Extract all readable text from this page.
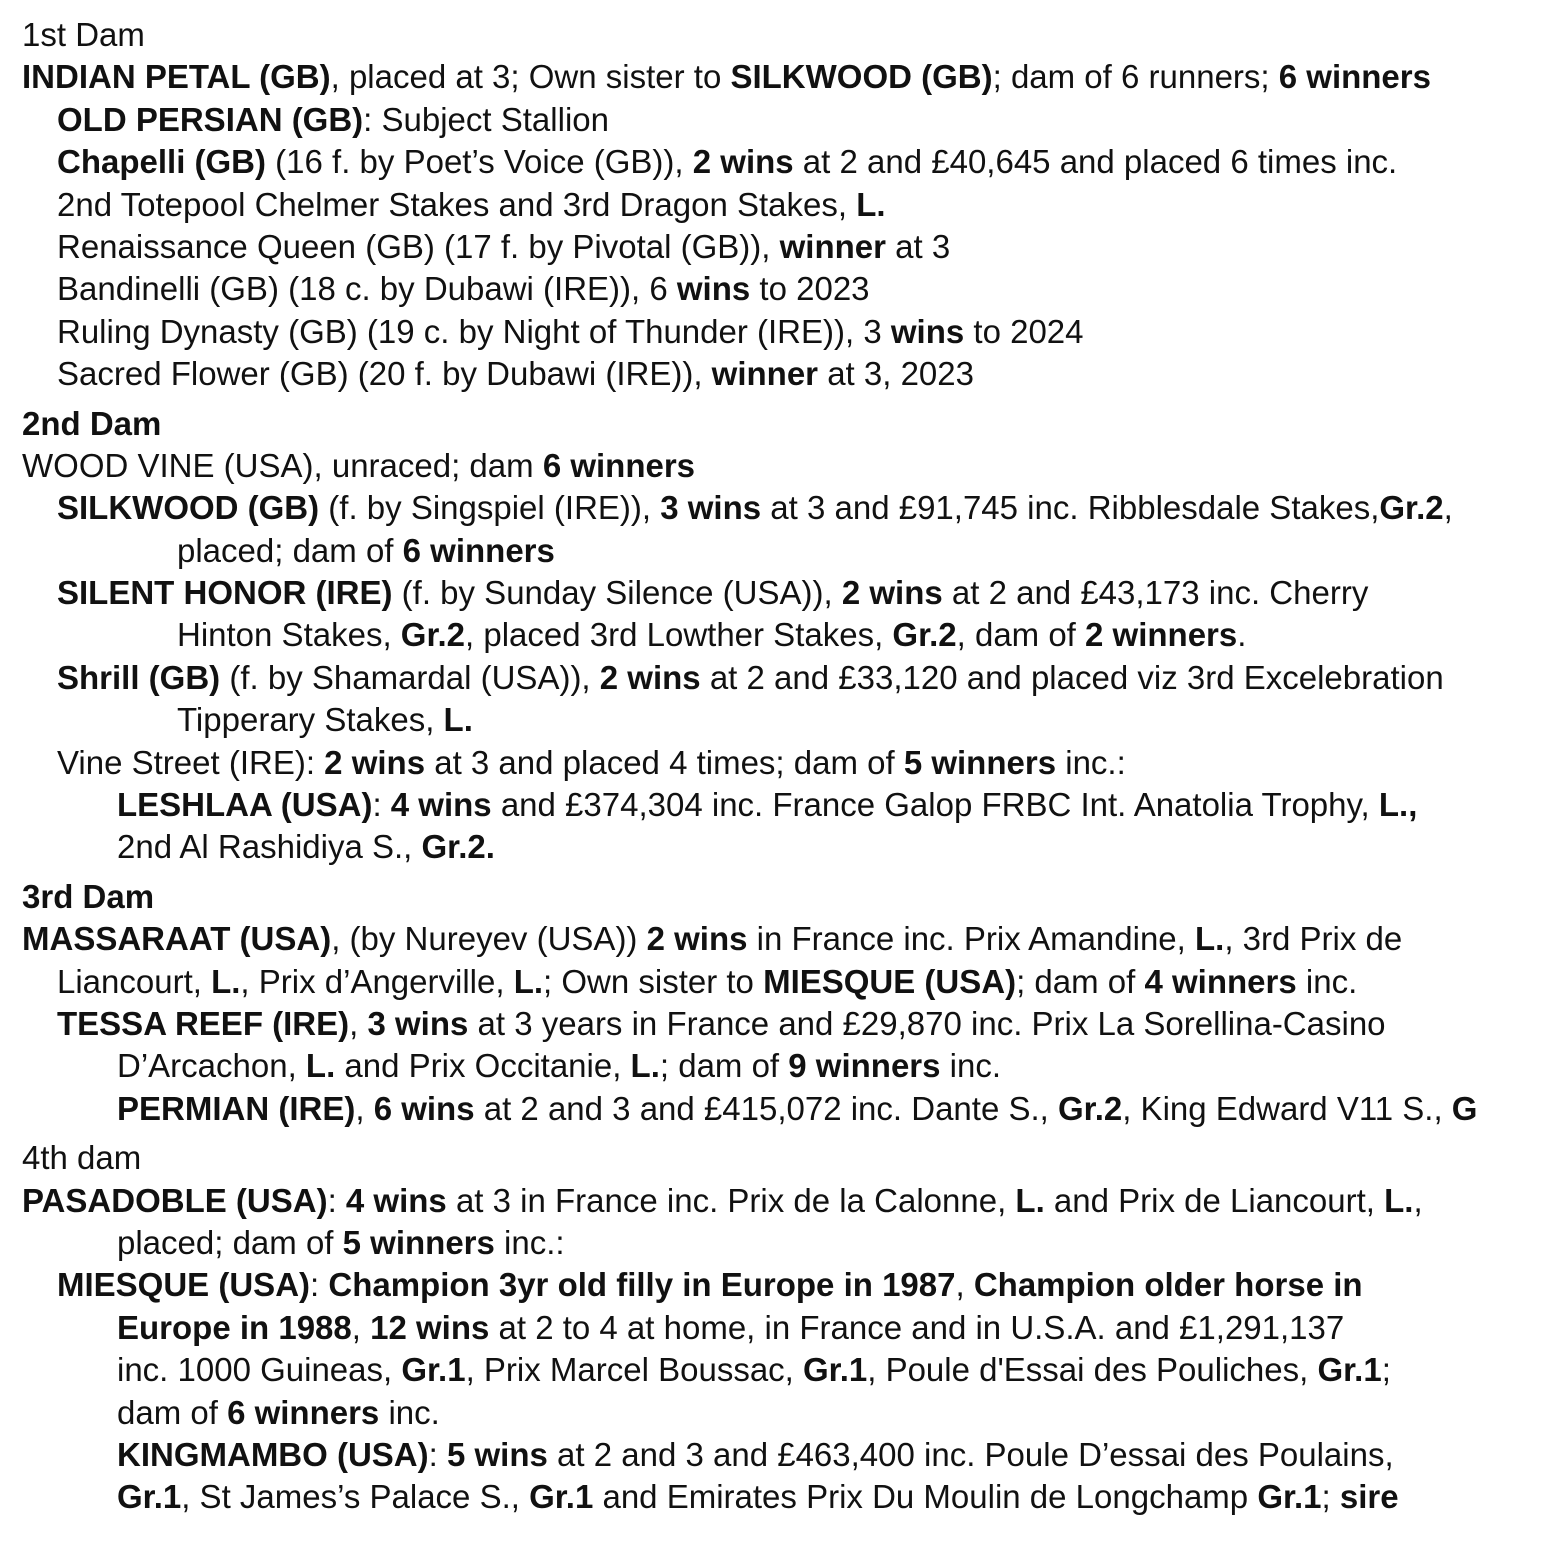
1st Dam
INDIAN PETAL (GB), placed at 3; Own sister to SILKWOOD (GB); dam of 6 runners; 6 winners
OLD PERSIAN (GB): Subject Stallion
Chapelli (GB) (16 f. by Poet’s Voice (GB)), 2 wins at 2 and £40,645 and placed 6 times inc.
2nd Totepool Chelmer Stakes and 3rd Dragon Stakes, L.
Renaissance Queen (GB) (17 f. by Pivotal (GB)), winner at 3
Bandinelli (GB) (18 c. by Dubawi (IRE)), 6 wins to 2023
Ruling Dynasty (GB) (19 c. by Night of Thunder (IRE)), 3 wins to 2024
Sacred Flower (GB) (20 f. by Dubawi (IRE)), winner at 3, 2023
2nd Dam
WOOD VINE (USA), unraced; dam 6 winners
SILKWOOD (GB) (f. by Singspiel (IRE)), 3 wins at 3 and £91,745 inc. Ribblesdale Stakes,Gr.2,
placed; dam of 6 winners
SILENT HONOR (IRE) (f. by Sunday Silence (USA)), 2 wins at 2 and £43,173 inc. Cherry
Hinton Stakes, Gr.2, placed 3rd Lowther Stakes, Gr.2, dam of 2 winners.
Shrill (GB) (f. by Shamardal (USA)), 2 wins at 2 and £33,120 and placed viz 3rd Excelebration
Tipperary Stakes, L.
Vine Street (IRE): 2 wins at 3 and placed 4 times; dam of 5 winners inc.:
LESHLAA (USA): 4 wins and £374,304 inc. France Galop FRBC Int. Anatolia Trophy, L.,
2nd Al Rashidiya S., Gr.2.
3rd Dam
MASSARAAT (USA), (by Nureyev (USA)) 2 wins in France inc. Prix Amandine, L., 3rd Prix de
Liancourt, L., Prix d’Angerville, L.; Own sister to MIESQUE (USA); dam of 4 winners inc.
TESSA REEF (IRE), 3 wins at 3 years in France and £29,870 inc. Prix La Sorellina-Casino
D’Arcachon, L. and Prix Occitanie, L.; dam of 9 winners inc.
PERMIAN (IRE), 6 wins at 2 and 3 and £415,072 inc. Dante S., Gr.2, King Edward V11 S., G
4th dam
PASADOBLE (USA): 4 wins at 3 in France inc. Prix de la Calonne, L. and Prix de Liancourt, L.,
placed; dam of 5 winners inc.:
MIESQUE (USA): Champion 3yr old filly in Europe in 1987, Champion older horse in
Europe in 1988, 12 wins at 2 to 4 at home, in France and in U.S.A. and £1,291,137
inc. 1000 Guineas, Gr.1, Prix Marcel Boussac, Gr.1, Poule d'Essai des Pouliches, Gr.1;
dam of 6 winners inc.
KINGMAMBO (USA): 5 wins at 2 and 3 and £463,400 inc. Poule D’essai des Poulains,
Gr.1, St James’s Palace S., Gr.1 and Emirates Prix Du Moulin de Longchamp Gr.1; sire
